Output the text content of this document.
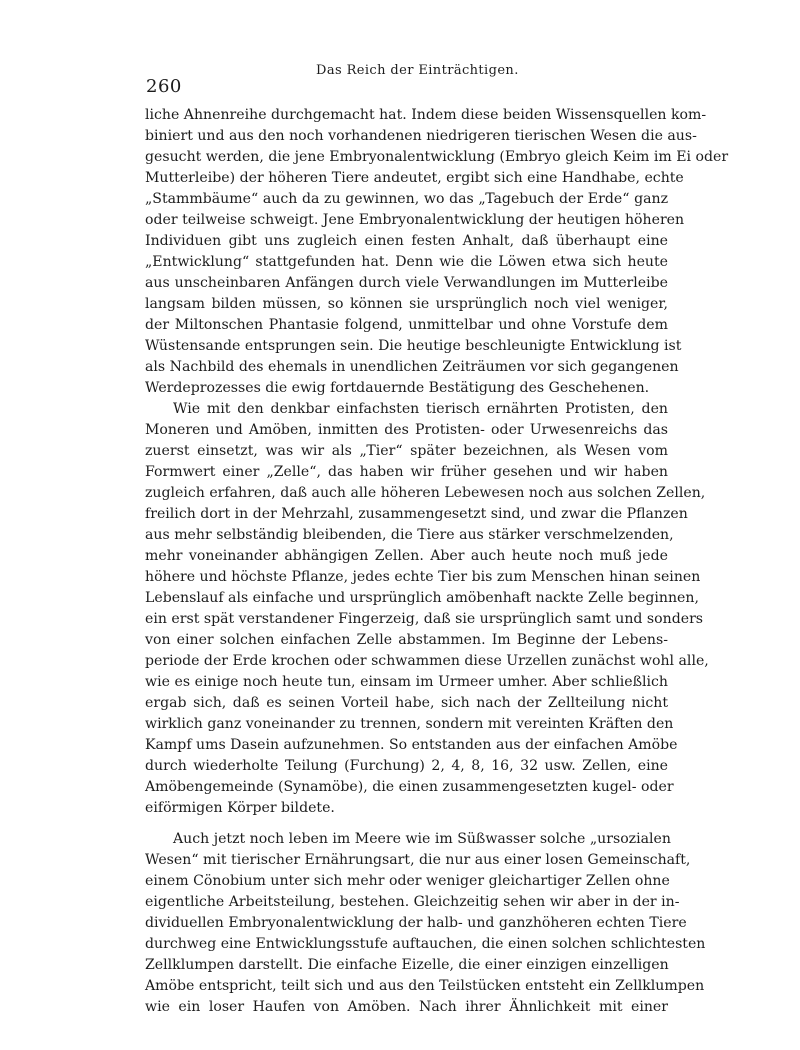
260
Das Reich der Einträchtigen.
liche Ahnenreihe durchgemacht hat. Indem diese beiden Wissensquellen kom-
biniert und aus den noch vorhandenen niedrigeren tierischen Wesen die aus-
gesucht werden, die jene Embryonalentwicklung (Embryo gleich Keim im Ei oder
Mutterleibe) der höheren Tiere andeutet, ergibt sich eine Handhabe, echte
„Stammbäume“ auch da zu gewinnen, wo das „Tagebuch der Erde“ ganz
oder teilweise schweigt. Jene Embryonalentwicklung der heutigen höheren
Individuen gibt uns zugleich einen festen Anhalt, daß überhaupt eine
„Entwicklung“ stattgefunden hat. Denn wie die Löwen etwa sich heute
aus unscheinbaren Anfängen durch viele Verwandlungen im Mutterleibe
langsam bilden müssen, so können sie ursprünglich noch viel weniger,
der Miltonschen Phantasie folgend, unmittelbar und ohne Vorstufe dem
Wüstensande entsprungen sein. Die heutige beschleunigte Entwicklung ist
als Nachbild des ehemals in unendlichen Zeiträumen vor sich gegangenen
Werdeprozesses die ewig fortdauernde Bestätigung des Geschehenen.
Wie mit den denkbar einfachsten tierisch ernährten Protisten, den
Moneren und Amöben, inmitten des Protisten- oder Urwesenreichs das
zuerst einsetzt, was wir als „Tier“ später bezeichnen, als Wesen vom
Formwert einer „Zelle“, das haben wir früher gesehen und wir haben
zugleich erfahren, daß auch alle höheren Lebewesen noch aus solchen Zellen,
freilich dort in der Mehrzahl, zusammengesetzt sind, und zwar die Pflanzen
aus mehr selbständig bleibenden, die Tiere aus stärker verschmelzenden,
mehr voneinander abhängigen Zellen. Aber auch heute noch muß jede
höhere und höchste Pflanze, jedes echte Tier bis zum Menschen hinan seinen
Lebenslauf als einfache und ursprünglich amöbenhaft nackte Zelle beginnen,
ein erst spät verstandener Fingerzeig, daß sie ursprünglich samt und sonders
von einer solchen einfachen Zelle abstammen. Im Beginne der Lebens-
periode der Erde krochen oder schwammen diese Urzellen zunächst wohl alle,
wie es einige noch heute tun, einsam im Urmeer umher. Aber schließlich
ergab sich, daß es seinen Vorteil habe, sich nach der Zellteilung nicht
wirklich ganz voneinander zu trennen, sondern mit vereinten Kräften den
Kampf ums Dasein aufzunehmen. So entstanden aus der einfachen Amöbe
durch wiederholte Teilung (Furchung) 2, 4, 8, 16, 32 usw. Zellen, eine
Amöbengemeinde (Synamöbe), die einen zusammengesetzten kugel- oder
eiförmigen Körper bildete.
Auch jetzt noch leben im Meere wie im Süßwasser solche „ursozialen
Wesen“ mit tierischer Ernährungsart, die nur aus einer losen Gemeinschaft,
einem Cönobium unter sich mehr oder weniger gleichartiger Zellen ohne
eigentliche Arbeitsteilung, bestehen. Gleichzeitig sehen wir aber in der in-
dividuellen Embryonalentwicklung der halb- und ganzhöheren echten Tiere
durchweg eine Entwicklungsstufe auftauchen, die einen solchen schlichtesten
Zellklumpen darstellt. Die einfache Eizelle, die einer einzigen einzelligen
Amöbe entspricht, teilt sich und aus den Teilstücken entsteht ein Zellklumpen
wie ein loser Haufen von Amöben. Nach ihrer Ähnlichkeit mit einer
